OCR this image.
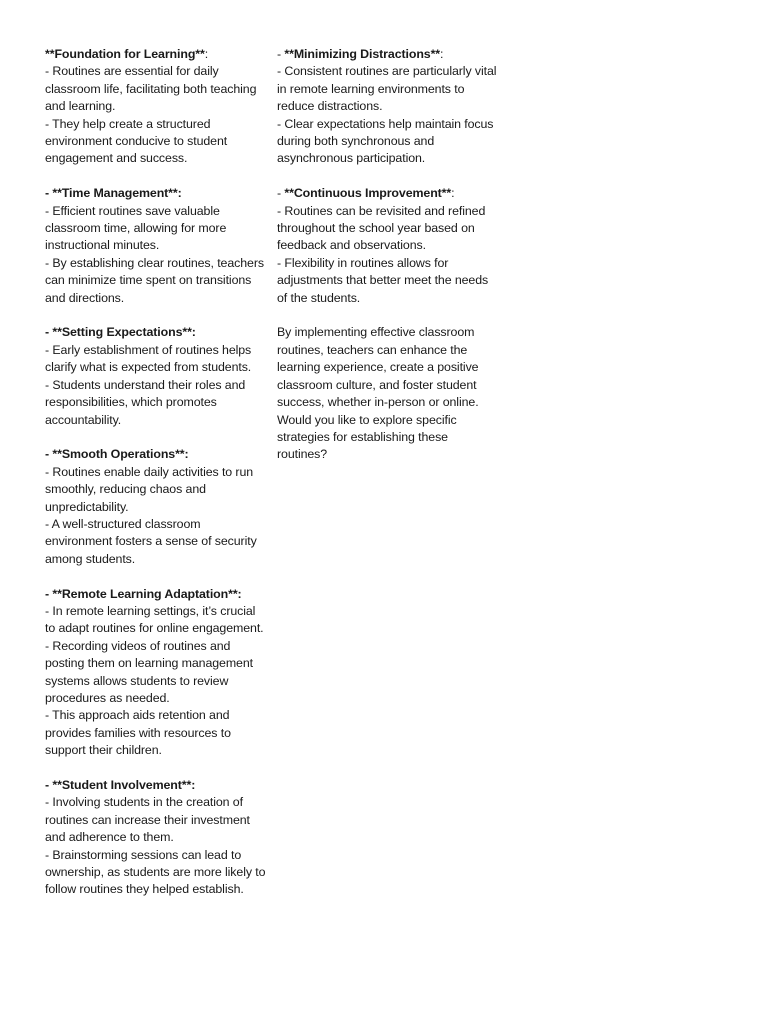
**Foundation for Learning**:
- Routines are essential for daily classroom life, facilitating both teaching and learning.
- They help create a structured environment conducive to student engagement and success.
- **Time Management**:
- Efficient routines save valuable classroom time, allowing for more instructional minutes.
- By establishing clear routines, teachers can minimize time spent on transitions and directions.
- **Setting Expectations**:
- Early establishment of routines helps clarify what is expected from students.
- Students understand their roles and responsibilities, which promotes accountability.
- **Smooth Operations**:
- Routines enable daily activities to run smoothly, reducing chaos and unpredictability.
- A well-structured classroom environment fosters a sense of security among students.
- **Remote Learning Adaptation**:
- In remote learning settings, it’s crucial to adapt routines for online engagement.
- Recording videos of routines and posting them on learning management systems allows students to review procedures as needed.
- This approach aids retention and provides families with resources to support their children.
- **Student Involvement**:
- Involving students in the creation of routines can increase their investment and adherence to them.
- Brainstorming sessions can lead to ownership, as students are more likely to follow routines they helped establish.
- **Minimizing Distractions**:
- Consistent routines are particularly vital in remote learning environments to reduce distractions.
- Clear expectations help maintain focus during both synchronous and asynchronous participation.
- **Continuous Improvement**:
- Routines can be revisited and refined throughout the school year based on feedback and observations.
- Flexibility in routines allows for adjustments that better meet the needs of the students.
By implementing effective classroom routines, teachers can enhance the learning experience, create a positive classroom culture, and foster student success, whether in-person or online. Would you like to explore specific strategies for establishing these routines?
